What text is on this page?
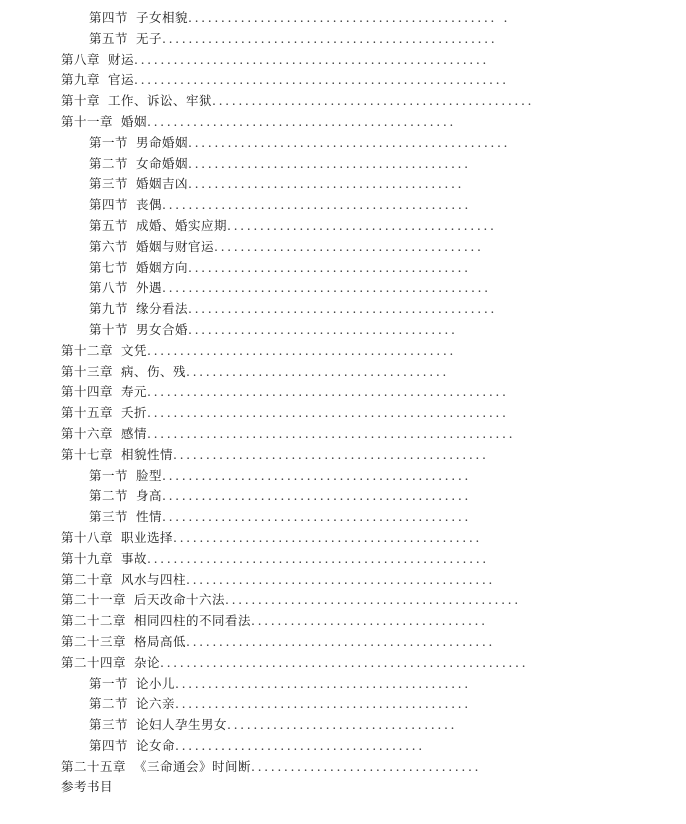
第四节 子女相貌............................................... .
第五节 无子...................................................
第八章 财运......................................................
第九章 官运.........................................................
第十章 工作、诉讼、牢狱.................................................
第十一章 婚姻...............................................
第一节 男命婚姻.................................................
第二节 女命婚姻...........................................
第三节 婚姻吉凶..........................................
第四节 丧偶...............................................
第五节 成婚、婚实应期.........................................
第六节 婚姻与财官运.........................................
第七节 婚姻方向...........................................
第八节 外遇..................................................
第九节 缘分看法...............................................
第十节 男女合婚.........................................
第十二章 文凭...............................................
第十三章 病、伤、残........................................
第十四章 寿元.......................................................
第十五章 夭折.......................................................
第十六章 感情........................................................
第十七章 相貌性情................................................
第一节 脸型...............................................
第二节 身高...............................................
第三节 性情...............................................
第十八章 职业选择...............................................
第十九章 事故....................................................
第二十章 风水与四柱...............................................
第二十一章 后天改命十六法.............................................
第二十二章 相同四柱的不同看法....................................
第二十三章 格局高低...............................................
第二十四章 杂论........................................................
第一节 论小儿.............................................
第二节 论六亲.............................................
第三节 论妇人孕生男女...................................
第四节 论女命......................................
第二十五章 《三命通会》时间断...................................
参考书目
